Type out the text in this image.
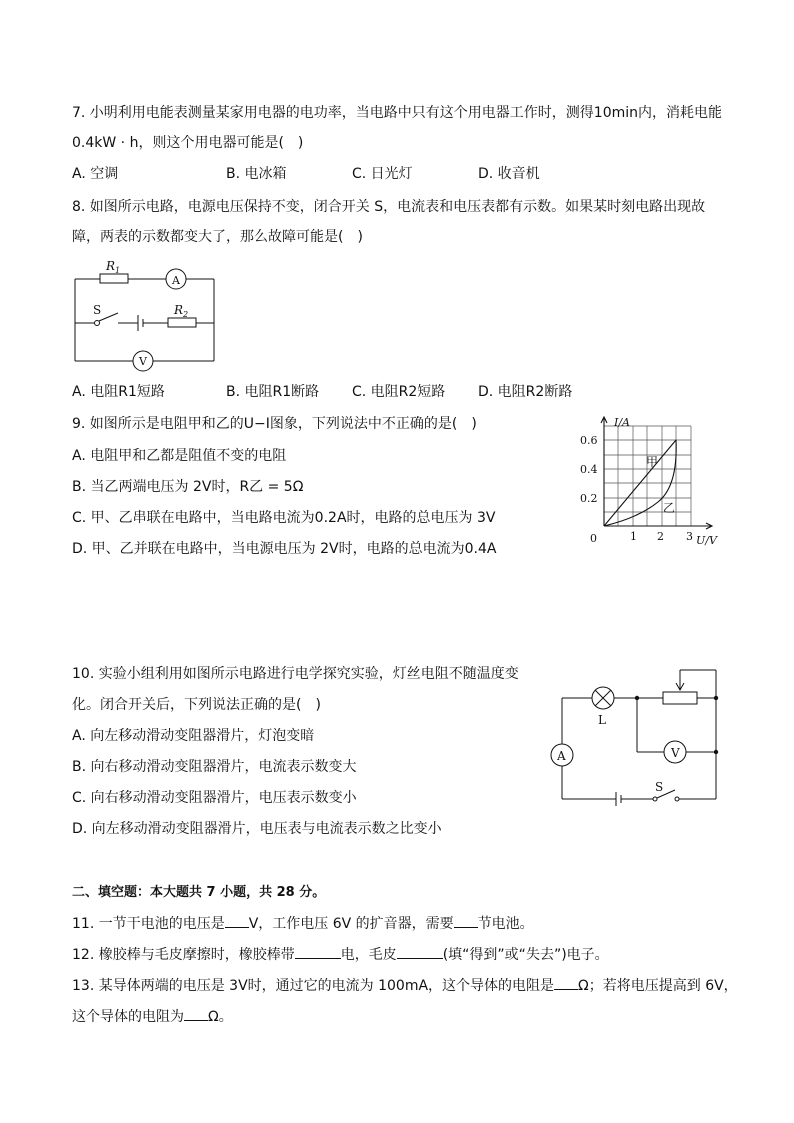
7. 小明利用电能表测量某家用电器的电功率，当电路中只有这个用电器工作时，测得10min内，消耗电能
0.4kW · h，则这个用电器可能是(　)
A. 空调	B. 电冰箱	C. 日光灯	D. 收音机
8. 如图所示电路，电源电压保持不变，闭合开关 S，电流表和电压表都有示数。如果某时刻电路出现故
障，两表的示数都变大了，那么故障可能是(　)
$R_1$
A
S	$R_2$
V
A. 电阻R1短路	B. 电阻R1断路 C. 电阻R2短路 D. 电阻R2断路
9. 如图所示是电阻甲和乙的U−I图象，下列说法中不正确的是(　)
A. 电阻甲和乙都是阻值不变的电阻
B. 当乙两端电压为 2V时，R乙 = 5Ω
C. 甲、乙串联在电路中，当电路电流为0.2A时，电路的总电压为 3V
D. 甲、乙并联在电路中，当电源电压为 2V时，电路的总电流为0.4A
I/A
0.6
0.4
0.2
0	1 2 3 U/V
甲
乙
10. 实验小组利用如图所示电路进行电学探究实验，灯丝电阻不随温度变
化。闭合开关后，下列说法正确的是(　)
A. 向左移动滑动变阻器滑片，灯泡变暗
B. 向右移动滑动变阻器滑片，电流表示数变大
C. 向右移动滑动变阻器滑片，电压表示数变小
D. 向左移动滑动变阻器滑片，电压表与电流表示数之比变小
L
A	V
S
二、填空题：本大题共 7 小题，共 28 分。
11. 一节干电池的电压是 V，工作电压 6V 的扩音器，需要 节电池。
12. 橡胶棒与毛皮摩擦时，橡胶棒带	电，毛皮	(填“得到”或“失去”)电子。
13. 某导体两端的电压是 3V时，通过它的电流为 100mA，这个导体的电阻是 Ω；若将电压提高到 6V，
这个导体的电阻为 Ω。
